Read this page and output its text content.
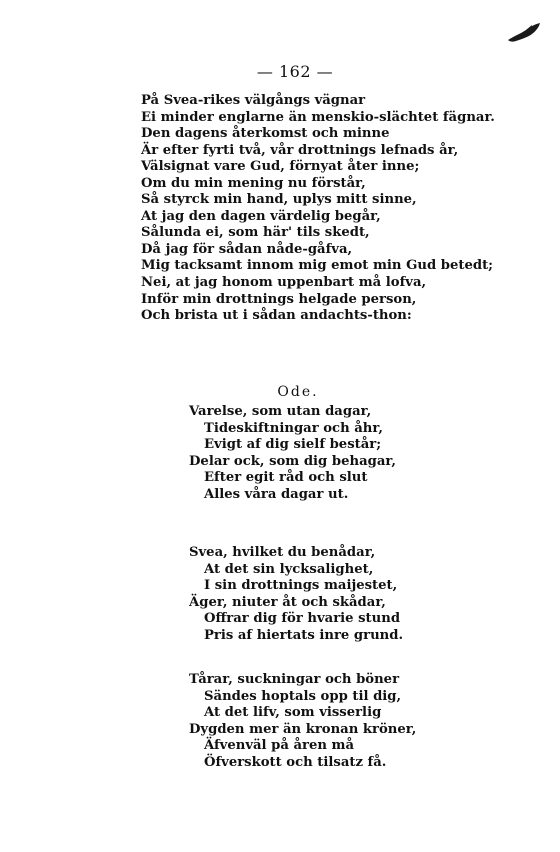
— 162 —
På Svea-rikes välgångs vägnar
Ei minder englarne än menskio-slächtet fägnar.
Den dagens återkomst och minne
Är efter fyrti två, vår drottnings lefnads år,
Välsignat vare Gud, förnyat åter inne;
Om du min mening nu förstår,
Så styrck min hand, uplys mitt sinne,
At jag den dagen värdelig begår,
Sålunda ei, som här' tils skedt,
Då jag för sådan nåde-gåfva,
Mig tacksamt innom mig emot min Gud betedt;
Nei, at jag honom uppenbart må lofva,
Inför min drottnings helgade person,
Och brista ut i sådan andachts-thon:
Ode.
Varelse, som utan dagar,
Tideskiftningar och åhr,
Evigt af dig sielf består;
Delar ock, som dig behagar,
Efter egit råd och slut
Alles våra dagar ut.
Svea, hvilket du benådar,
At det sin lycksalighet,
I sin drottnings maijestet,
Äger, niuter åt och skådar,
Offrar dig för hvarie stund
Pris af hiertats inre grund.
Tårar, suckningar och böner
Sändes hoptals opp til dig,
At det lifv, som visserlig
Dygden mer än kronan kröner,
Äfvenväl på åren må
Öfverskott och tilsatz få.
